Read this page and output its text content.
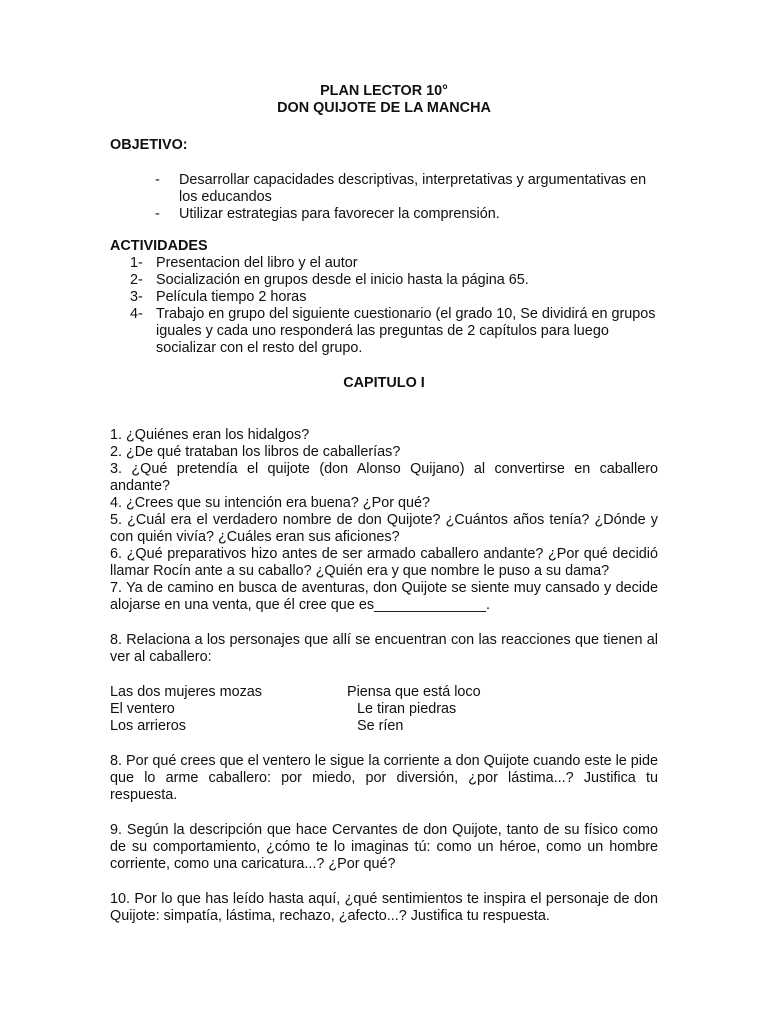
PLAN LECTOR 10°

DON QUIJOTE DE LA MANCHA

OBJETIVO:

-	Desarrollar capacidades descriptivas, interpretativas y argumentativas en los educandos
-	Utilizar estrategias para favorecer la comprensión.

ACTIVIDADES

1- Presentacion del libro y el autor
2- Socialización en grupos desde el inicio hasta la página 65.
3- Película tiempo 2 horas
4- Trabajo en grupo del siguiente cuestionario (el grado 10, Se dividirá en grupos iguales y cada uno responderá las preguntas de 2 capítulos para luego socializar con el resto del grupo.

CAPITULO I

1. ¿Quiénes eran los hidalgos?

2. ¿De qué trataban los libros de caballerías?

3. ¿Qué pretendía el quijote (don Alonso Quijano) al convertirse en caballero andante?

4. ¿Crees que su intención era buena? ¿Por qué?

5. ¿Cuál era el verdadero nombre de don Quijote? ¿Cuántos años tenía? ¿Dónde y con quién vivía? ¿Cuáles eran sus aficiones?

6. ¿Qué preparativos hizo antes de ser armado caballero andante? ¿Por qué decidió llamar Rocín ante a su caballo? ¿Quién era y que nombre le puso a su dama?

7. Ya de camino en busca de aventuras, don Quijote se siente muy cansado y decide alojarse en una venta, que él cree que es______________.

8. Relaciona a los personajes que allí se encuentran con las reacciones que tienen al ver al caballero:

Las dos mujeres mozas	Piensa que está loco
El ventero	Le tiran piedras
Los arrieros	Se ríen

8. Por qué crees que el ventero le sigue la corriente a don Quijote cuando este le pide que lo arme caballero: por miedo, por diversión, ¿por lástima...? Justifica tu respuesta.

9. Según la descripción que hace Cervantes de don Quijote, tanto de su físico como de su comportamiento, ¿cómo te lo imaginas tú: como un héroe, como un hombre corriente, como una caricatura...? ¿Por qué?

10. Por lo que has leído hasta aquí, ¿qué sentimientos te inspira el personaje de don Quijote: simpatía, lástima, rechazo, ¿afecto...? Justifica tu respuesta.
